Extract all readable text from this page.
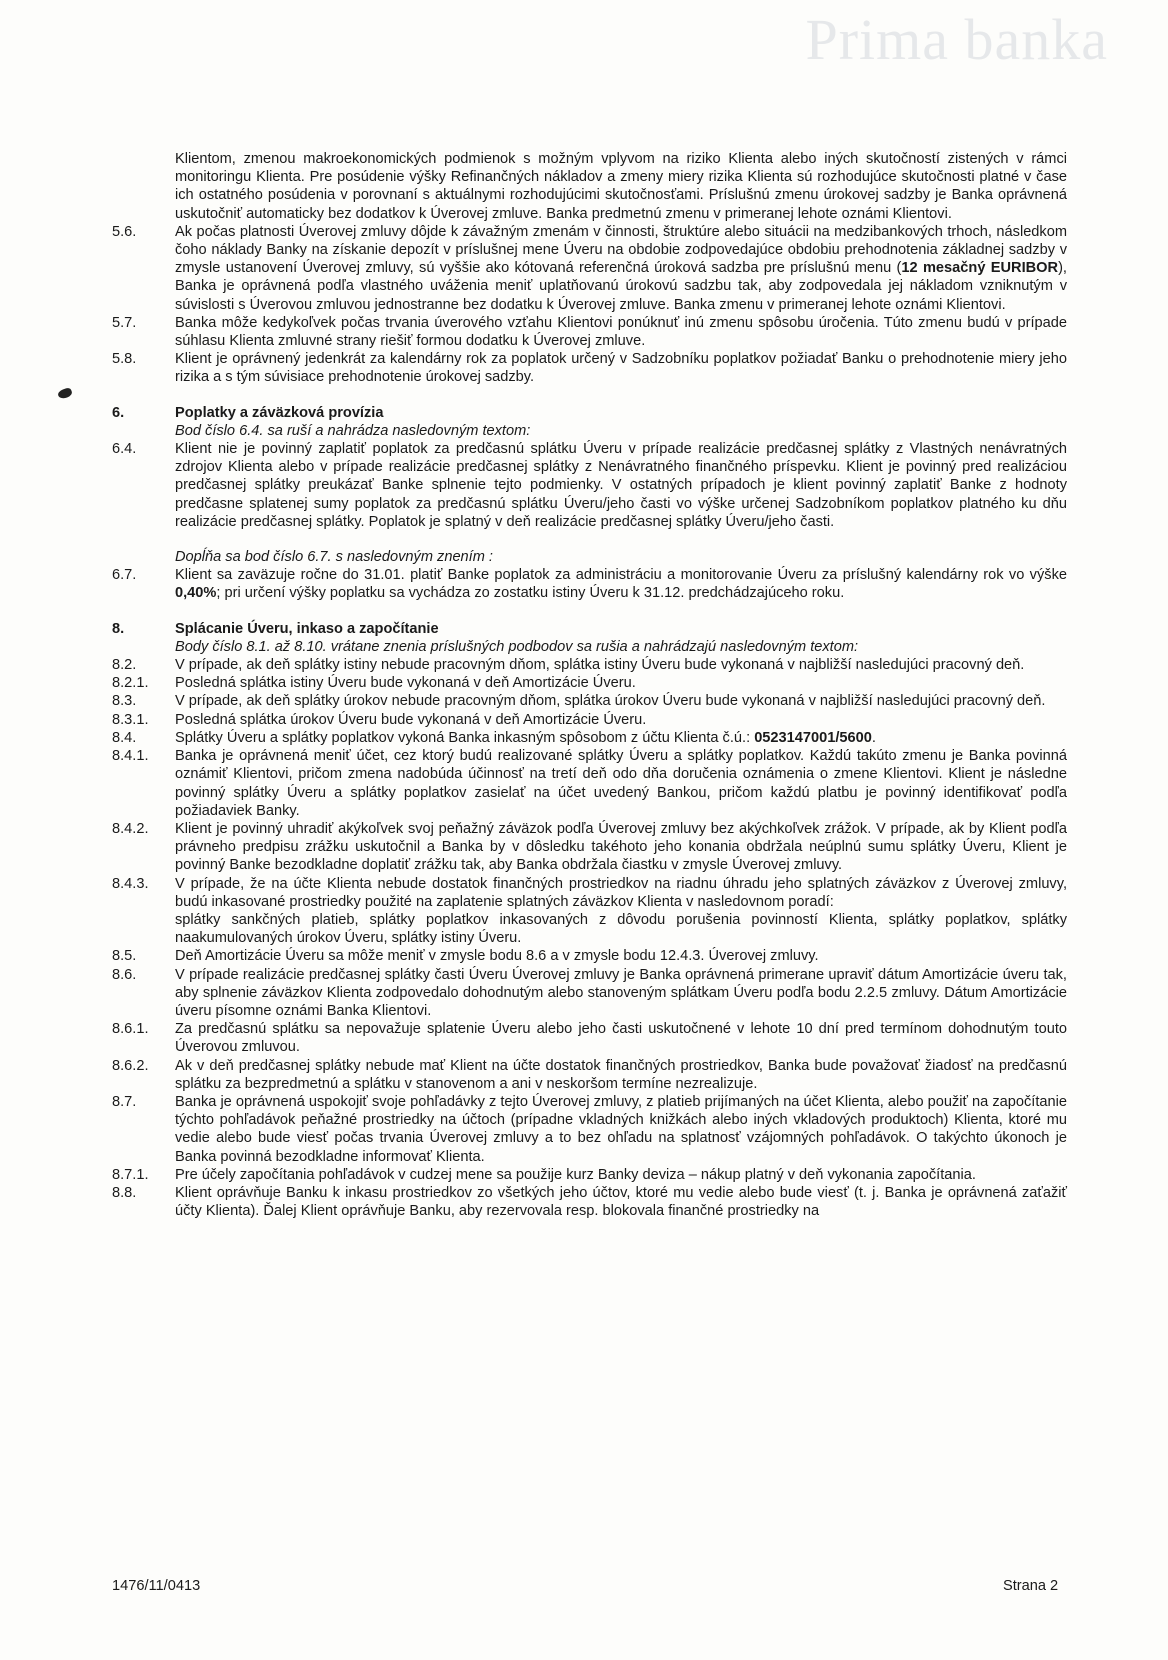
Prima banka

Klientom, zmenou makroekonomických podmienok s možným vplyvom na riziko Klienta alebo iných skutočností zistených v rámci monitoringu Klienta. Pre posúdenie výšky Refinančných nákladov a zmeny miery rizika Klienta sú rozhodujúce skutočnosti platné v čase ich ostatného posúdenia v porovnaní s aktuálnymi rozhodujúcimi skutočnosťami. Príslušnú zmenu úrokovej sadzby je Banka oprávnená uskutočniť automaticky bez dodatkov k Úverovej zmluve. Banka predmetnú zmenu v primeranej lehote oznámi Klientovi.
5.6.	Ak počas platnosti Úverovej zmluvy dôjde k závažným zmenám v činnosti, štruktúre alebo situácii na medzibankových trhoch, následkom čoho náklady Banky na získanie depozít v príslušnej mene Úveru na obdobie zodpovedajúce obdobiu prehodnotenia základnej sadzby v zmysle ustanovení Úverovej zmluvy, sú vyššie ako kótovaná referenčná úroková sadzba pre príslušnú menu (12 mesačný EURIBOR), Banka je oprávnená podľa vlastného uváženia meniť uplatňovanú úrokovú sadzbu tak, aby zodpovedala jej nákladom vzniknutým v súvislosti s Úverovou zmluvou jednostranne bez dodatku k Úverovej zmluve. Banka zmenu v primeranej lehote oznámi Klientovi.
5.7.	Banka môže kedykoľvek počas trvania úverového vzťahu Klientovi ponúknuť inú zmenu spôsobu úročenia. Túto zmenu budú v prípade súhlasu Klienta zmluvné strany riešiť formou dodatku k Úverovej zmluve.
5.8.	Klient je oprávnený jedenkrát za kalendárny rok za poplatok určený v Sadzobníku poplatkov požiadať Banku o prehodnotenie miery jeho rizika a s tým súvisiace prehodnotenie úrokovej sadzby.
6.	Poplatky a záväzková provízia
Bod číslo 6.4. sa ruší a nahrádza nasledovným textom:
6.4.	Klient nie je povinný zaplatiť poplatok za predčasnú splátku Úveru v prípade realizácie predčasnej splátky z Vlastných nenávratných zdrojov Klienta alebo v prípade realizácie predčasnej splátky z Nenávratného finančného príspevku. Klient je povinný pred realizáciou predčasnej splátky preukázať Banke splnenie tejto podmienky. V ostatných prípadoch je klient povinný zaplatiť Banke z hodnoty predčasne splatenej sumy poplatok za predčasnú splátku Úveru/jeho časti vo výške určenej Sadzobníkom poplatkov platného ku dňu realizácie predčasnej splátky. Poplatok je splatný v deň realizácie predčasnej splátky Úveru/jeho časti.
Dopĺňa sa bod číslo 6.7. s nasledovným znením :
6.7.	Klient sa zaväzuje ročne do 31.01. platiť Banke poplatok za administráciu a monitorovanie Úveru za príslušný kalendárny rok vo výške 0,40%; pri určení výšky poplatku sa vychádza zo zostatku istiny Úveru k 31.12. predchádzajúceho roku.
8.	Splácanie Úveru, inkaso a započítanie
Body číslo 8.1. až 8.10. vrátane znenia príslušných podbodov sa rušia a nahrádzajú nasledovným textom:
8.2.	V prípade, ak deň splátky istiny nebude pracovným dňom, splátka istiny Úveru bude vykonaná v najbližší nasledujúci pracovný deň.
8.2.1.	Posledná splátka istiny Úveru bude vykonaná v deň Amortizácie Úveru.
8.3.	V prípade, ak deň splátky úrokov nebude pracovným dňom, splátka úrokov Úveru bude vykonaná v najbližší nasledujúci pracovný deň.
8.3.1.	Posledná splátka úrokov Úveru bude vykonaná v deň Amortizácie Úveru.
8.4.	Splátky Úveru a splátky poplatkov vykoná Banka inkasným spôsobom z účtu Klienta č.ú.: 0523147001/5600.
8.4.1.	Banka je oprávnená meniť účet, cez ktorý budú realizované splátky Úveru a splátky poplatkov. Každú takúto zmenu je Banka povinná oznámiť Klientovi, pričom zmena nadobúda účinnosť na tretí deň odo dňa doručenia oznámenia o zmene Klientovi. Klient je následne povinný splátky Úveru a splátky poplatkov zasielať na účet uvedený Bankou, pričom každú platbu je povinný identifikovať podľa požiadaviek Banky.
8.4.2.	Klient je povinný uhradiť akýkoľvek svoj peňažný záväzok podľa Úverovej zmluvy bez akýchkoľvek zrážok. V prípade, ak by Klient podľa právneho predpisu zrážku uskutočnil a Banka by v dôsledku takéhoto jeho konania obdržala neúplnú sumu splátky Úveru, Klient je povinný Banke bezodkladne doplatiť zrážku tak, aby Banka obdržala čiastku v zmysle Úverovej zmluvy.
8.4.3.	V prípade, že na účte Klienta nebude dostatok finančných prostriedkov na riadnu úhradu jeho splatných záväzkov z Úverovej zmluvy, budú inkasované prostriedky použité na zaplatenie splatných záväzkov Klienta v nasledovnom poradí:
splátky sankčných platieb, splátky poplatkov inkasovaných z dôvodu porušenia povinností Klienta, splátky poplatkov, splátky naakumulovaných úrokov Úveru, splátky istiny Úveru.
8.5.	Deň Amortizácie Úveru sa môže meniť v zmysle bodu 8.6 a v zmysle bodu 12.4.3. Úverovej zmluvy.
8.6.	V prípade realizácie predčasnej splátky časti Úveru Úverovej zmluvy je Banka oprávnená primerane upraviť dátum Amortizácie úveru tak, aby splnenie záväzkov Klienta zodpovedalo dohodnutým alebo stanoveným splátkam Úveru podľa bodu 2.2.5 zmluvy. Dátum Amortizácie úveru písomne oznámi Banka Klientovi.
8.6.1.	Za predčasnú splátku sa nepovažuje splatenie Úveru alebo jeho časti uskutočnené v lehote 10 dní pred termínom dohodnutým touto Úverovou zmluvou.
8.6.2.	Ak v deň predčasnej splátky nebude mať Klient na účte dostatok finančných prostriedkov, Banka bude považovať žiadosť na predčasnú splátku za bezpredmetnú a splátku v stanovenom a ani v neskoršom termíne nezrealizuje.
8.7.	Banka je oprávnená uspokojiť svoje pohľadávky z tejto Úverovej zmluvy, z platieb prijímaných na účet Klienta, alebo použiť na započítanie týchto pohľadávok peňažné prostriedky na účtoch (prípadne vkladných knižkách alebo iných vkladových produktoch) Klienta, ktoré mu vedie alebo bude viesť počas trvania Úverovej zmluvy a to bez ohľadu na splatnosť vzájomných pohľadávok. O takýchto úkonoch je Banka povinná bezodkladne informovať Klienta.
8.7.1.	Pre účely započítania pohľadávok v cudzej mene sa použije kurz Banky deviza – nákup platný v deň vykonania započítania.
8.8.	Klient oprávňuje Banku k inkasu prostriedkov zo všetkých jeho účtov, ktoré mu vedie alebo bude viesť (t. j. Banka je oprávnená zaťažiť účty Klienta). Ďalej Klient oprávňuje Banku, aby rezervovala resp. blokovala finančné prostriedky na
1476/11/0413	Strana 2
